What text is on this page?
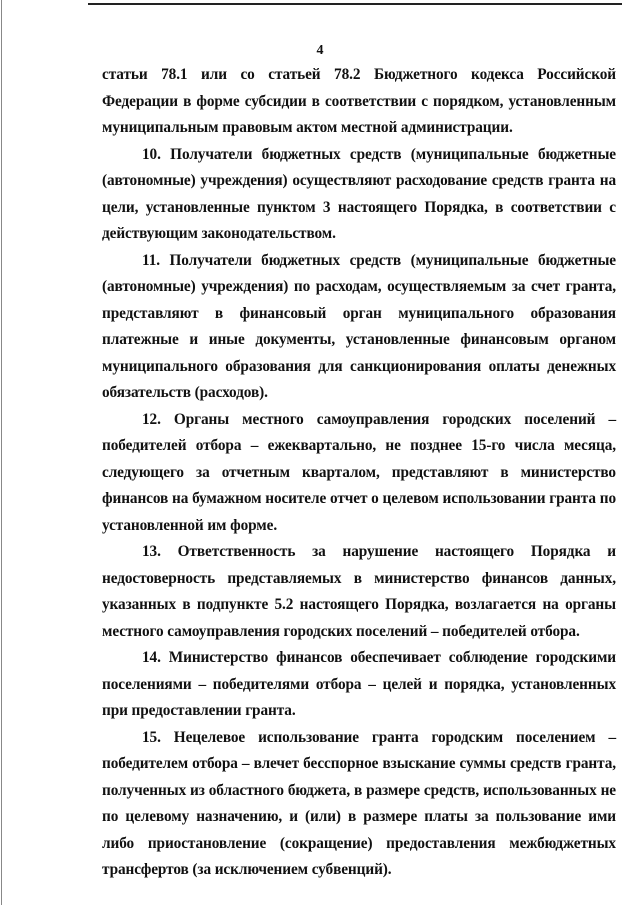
4

статьи 78.1 или со статьей 78.2 Бюджетного кодекса Российской Федерации в форме субсидии в соответствии с порядком, установленным муниципальным правовым актом местной администрации.

10. Получатели бюджетных средств (муниципальные бюджетные (автономные) учреждения) осуществляют расходование средств гранта на цели, установленные пунктом 3 настоящего Порядка, в соответствии с действующим законодательством.

11. Получатели бюджетных средств (муниципальные бюджетные (автономные) учреждения) по расходам, осуществляемым за счет гранта, представляют в финансовый орган муниципального образования платежные и иные документы, установленные финансовым органом муниципального образования для санкционирования оплаты денежных обязательств (расходов).

12. Органы местного самоуправления городских поселений – победителей отбора – ежеквартально, не позднее 15-го числа месяца, следующего за отчетным кварталом, представляют в министерство финансов на бумажном носителе отчет о целевом использовании гранта по установленной им форме.

13. Ответственность за нарушение настоящего Порядка и недостоверность представляемых в министерство финансов данных, указанных в подпункте 5.2 настоящего Порядка, возлагается на органы местного самоуправления городских поселений – победителей отбора.

14. Министерство финансов обеспечивает соблюдение городскими поселениями – победителями отбора – целей и порядка, установленных при предоставлении гранта.

15. Нецелевое использование гранта городским поселением – победителем отбора – влечет бесспорное взыскание суммы средств гранта, полученных из областного бюджета, в размере средств, использованных не по целевому назначению, и (или) в размере платы за пользование ими либо приостановление (сокращение) предоставления межбюджетных трансфертов (за исключением субвенций).
